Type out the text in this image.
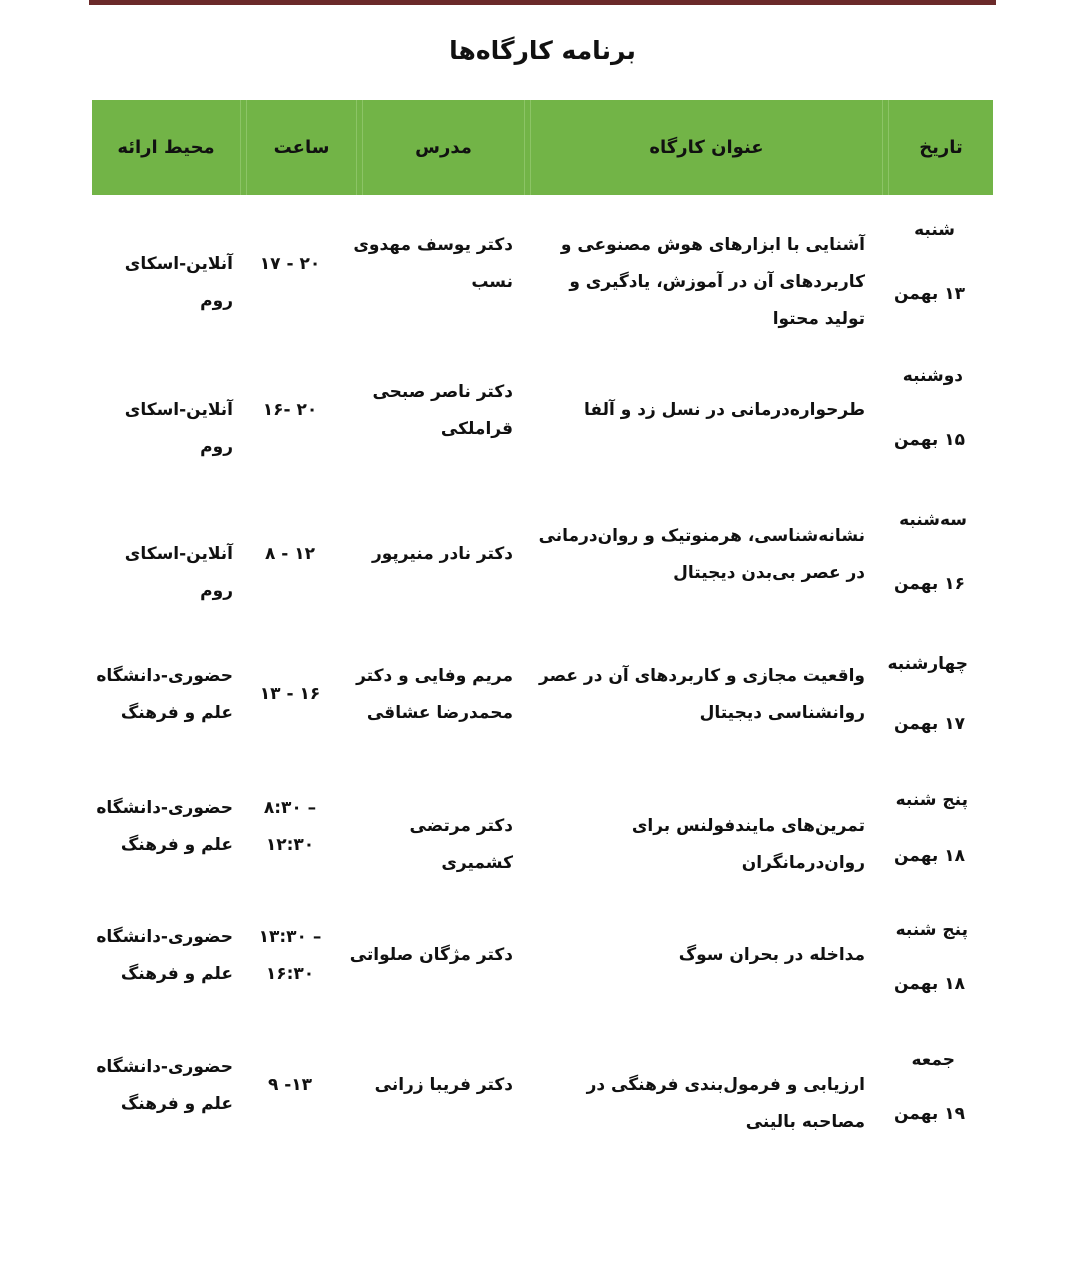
برنامه کارگاه‌ها
تاریخ
عنوان کارگاه
مدرس
ساعت
محیط ارائه
شنبه
۱۳ بهمن
آشنایی با ابزارهای هوش مصنوعی و کاربردهای آن در آموزش، یادگیری و تولید محتوا
دکتر یوسف مهدوی نسب
۱۷ - ۲۰
آنلاین-اسکای روم
دوشنبه
۱۵ بهمن
طرحواره‌درمانی در نسل زد و آلفا
دکتر ناصر صبحی قراملکی
۱۶- ۲۰
آنلاین-اسکای روم
سه‌شنبه
۱۶ بهمن
نشانه‌شناسی، هرمنوتیک و روان‌درمانی در عصر بی‌بدن دیجیتال
دکتر نادر منیرپور
۸ - ۱۲
آنلاین-اسکای روم
چهارشنبه
۱۷ بهمن
واقعیت مجازی و کاربردهای آن در عصر روانشناسی دیجیتال
مریم وفایی و دکتر محمدرضا عشاقی
۱۳ - ۱۶
حضوری-دانشگاه علم و فرهنگ
پنج شنبه
۱۸ بهمن
تمرین‌های مایندفولنس برای روان‌درمانگران
دکتر مرتضی کشمیری
۸:۳۰ – ۱۲:۳۰
حضوری-دانشگاه علم و فرهنگ
پنج شنبه
۱۸ بهمن
مداخله در بحران سوگ
دکتر مژگان صلواتی
۱۳:۳۰ – ۱۶:۳۰
حضوری-دانشگاه علم و فرهنگ
جمعه
۱۹ بهمن
ارزیابی و فرمول‌بندی فرهنگی در مصاحبه بالینی
دکتر فریبا زرانی
۹ -۱۳
حضوری-دانشگاه علم و فرهنگ
